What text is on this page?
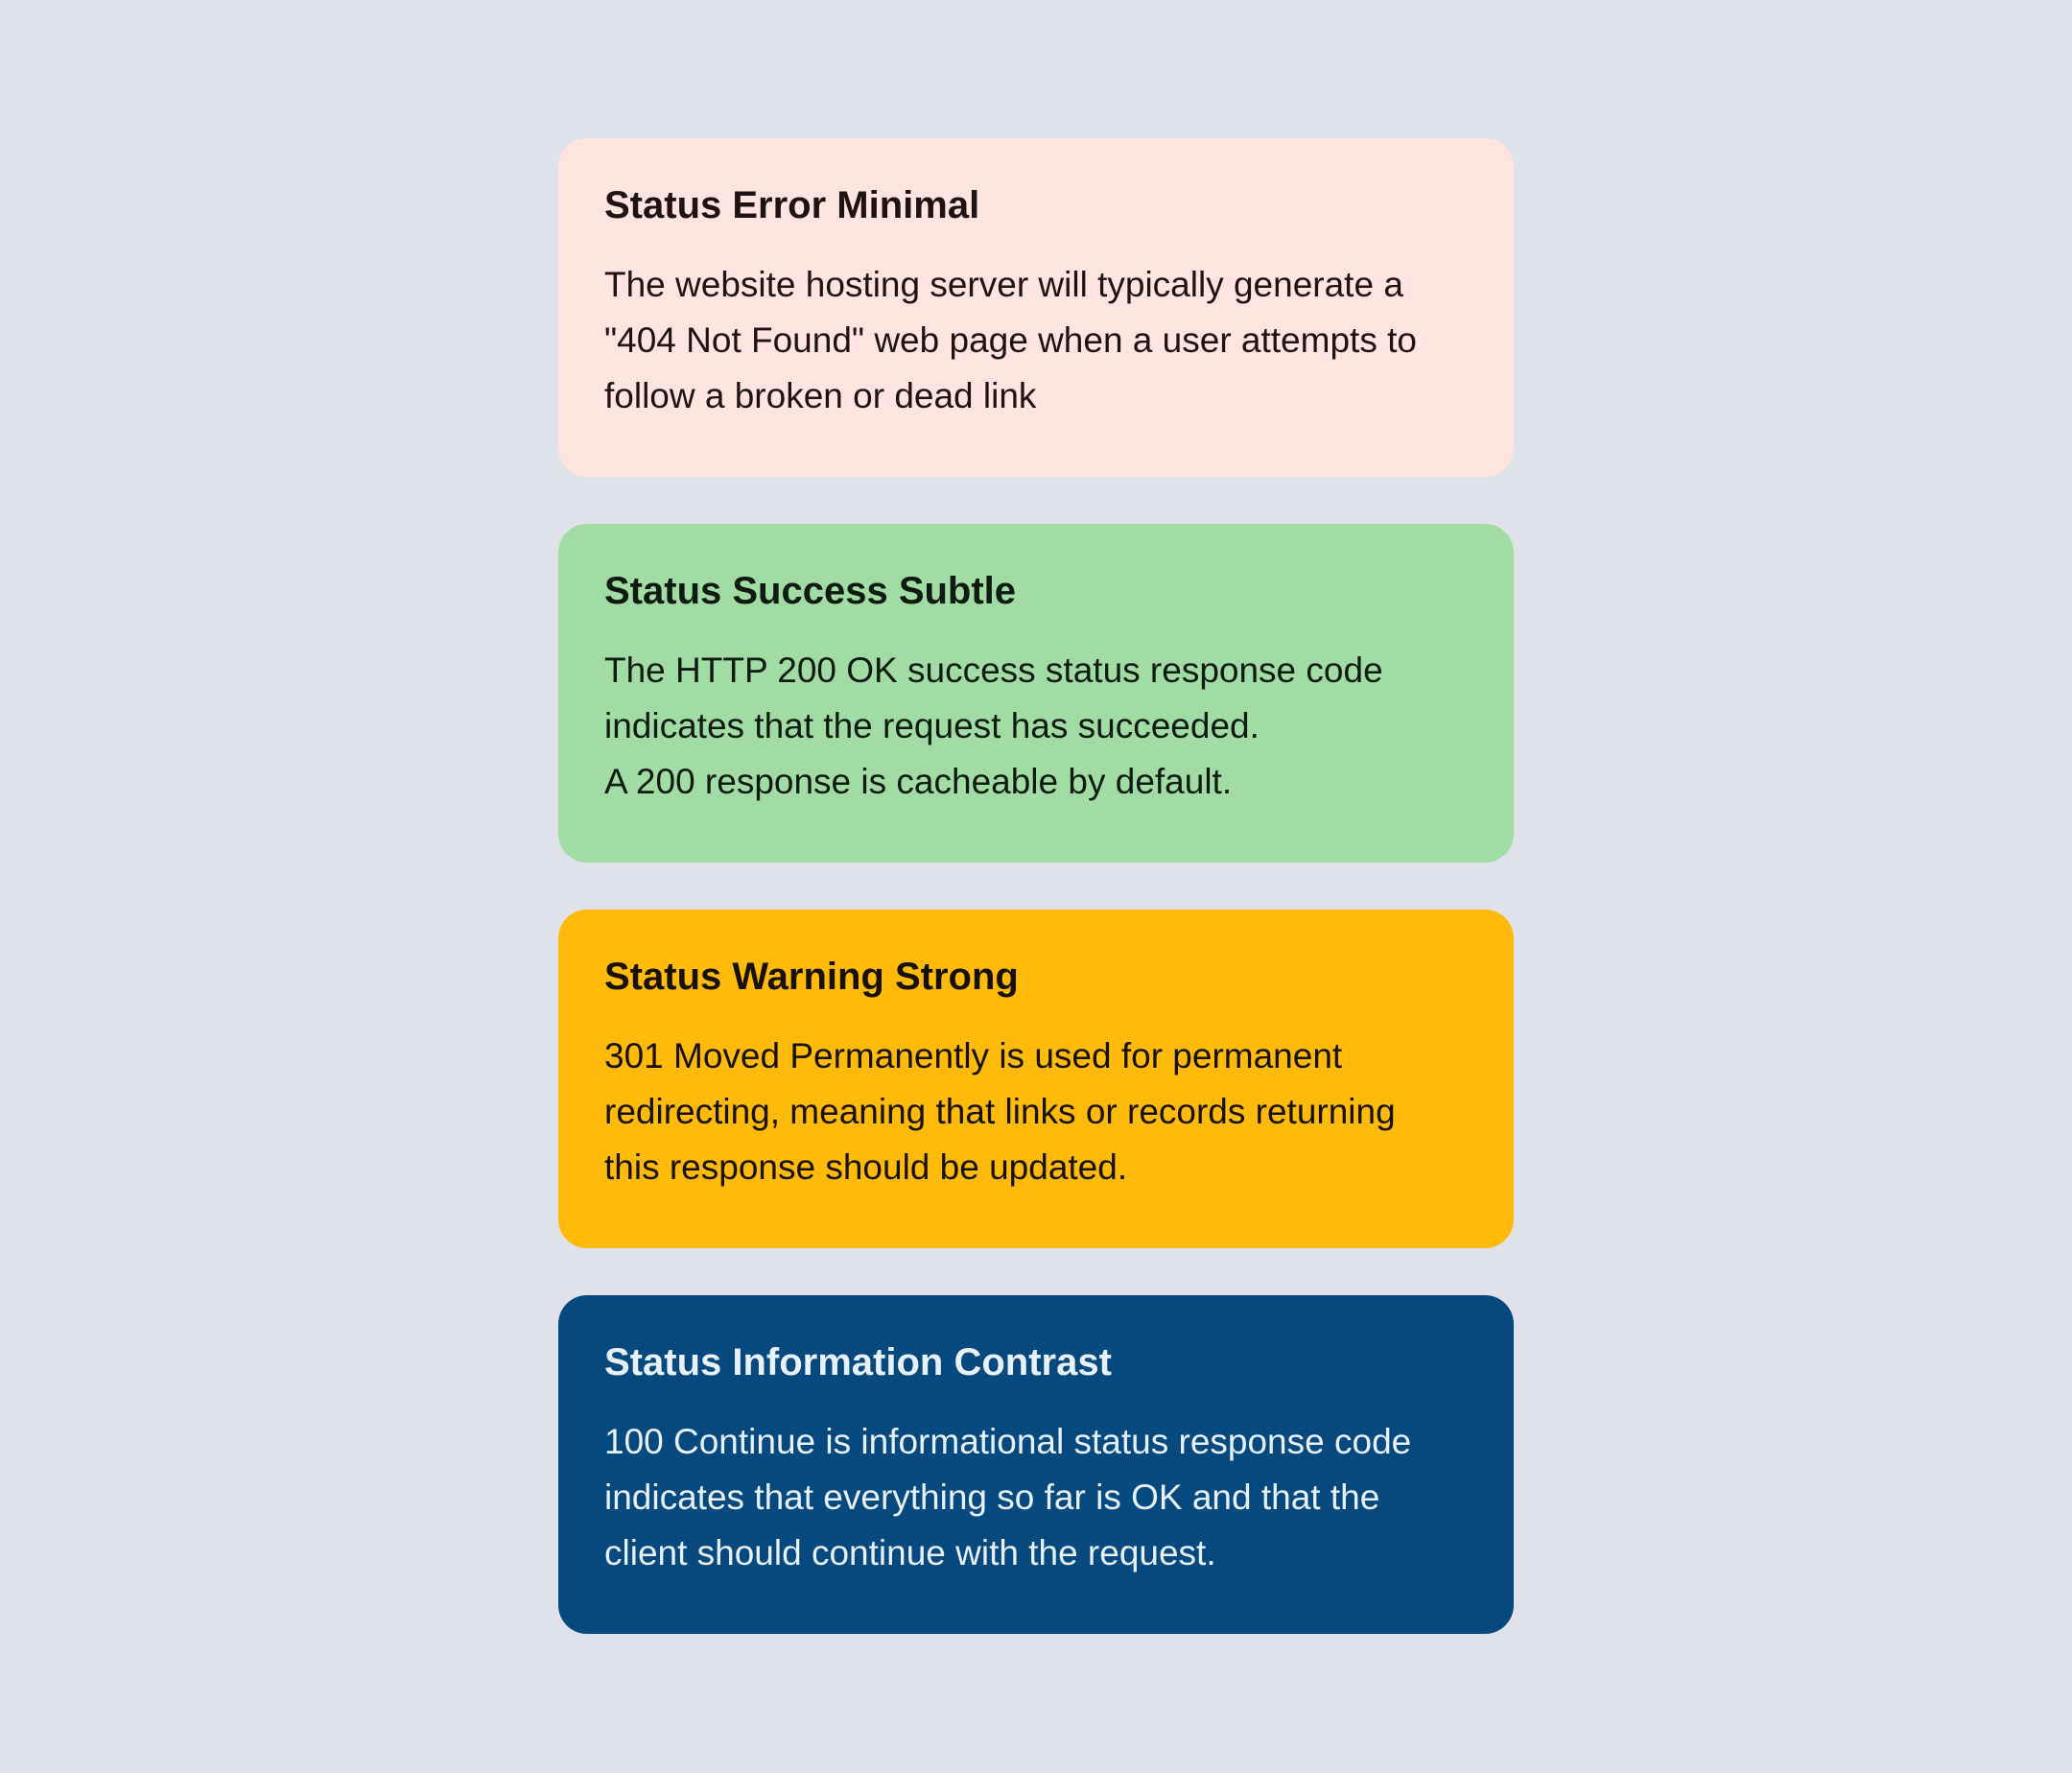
Status Error Minimal

The website hosting server will typically generate a
"404 Not Found" web page when a user attempts to
follow a broken or dead link

Status Success Subtle

The HTTP 200 OK success status response code
indicates that the request has succeeded.
A 200 response is cacheable by default.

Status Warning Strong

301 Moved Permanently is used for permanent
redirecting, meaning that links or records returning
this response should be updated.

Status Information Contrast

100 Continue is informational status response code
indicates that everything so far is OK and that the
client should continue with the request.
